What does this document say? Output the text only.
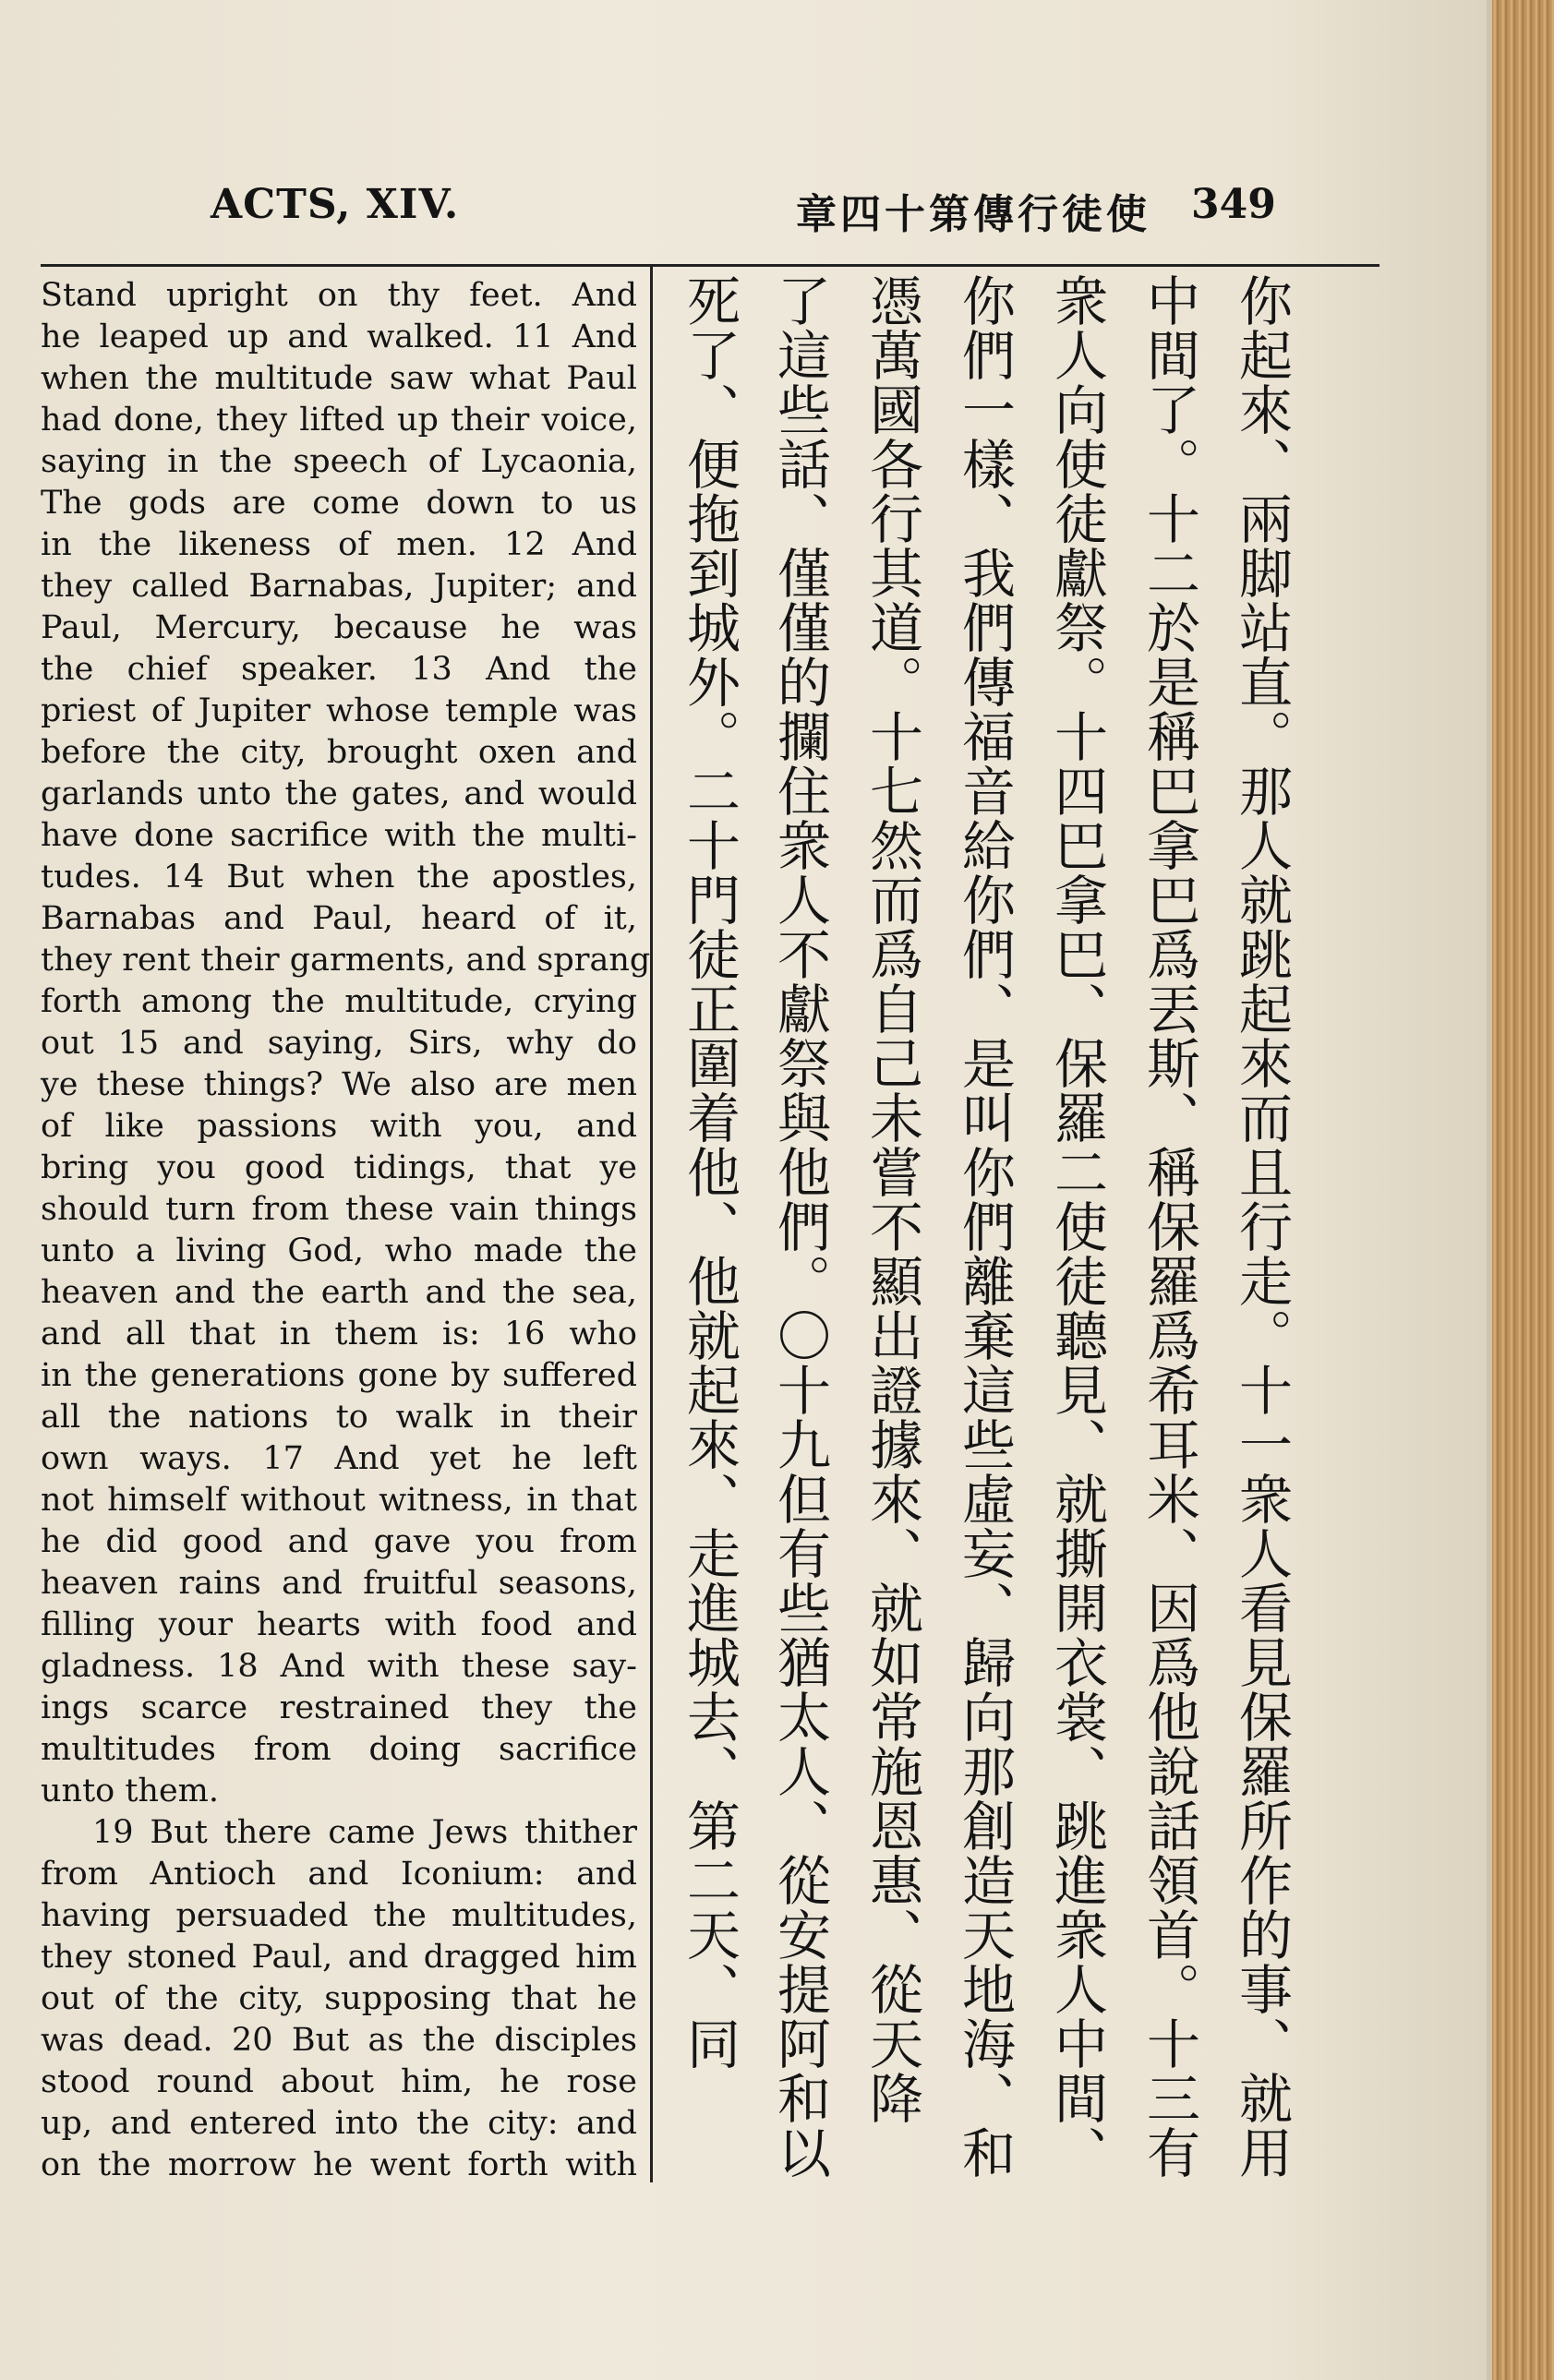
ACTS, XIV.	章四十第傳行徒使 349
Stand upright on thy feet. And
he leaped up and walked. 11 And
when the multitude saw what Paul
had done, they lifted up their voice,
saying in the speech of Lycaonia,
The gods are come down to us
in the likeness of men. 12 And
they called Barnabas, Jupiter; and
Paul, Mercury, because he was
the chief speaker. 13 And the
priest of Jupiter whose temple was
before the city, brought oxen and
garlands unto the gates, and would
have done sacrifice with the multi-
tudes. 14 But when the apostles,
Barnabas and Paul, heard of it,
they rent their garments, and sprang
forth among the multitude, crying
out 15 and saying, Sirs, why do
ye these things? We also are men
of like passions with you, and
bring you good tidings, that ye
should turn from these vain things
unto a living God, who made the
heaven and the earth and the sea,
and all that in them is: 16 who
in the generations gone by suffered
all the nations to walk in their
own ways. 17 And yet he left
not himself without witness, in that
he did good and gave you from
heaven rains and fruitful seasons,
filling your hearts with food and
gladness. 18 And with these say-
ings scarce restrained they the
multitudes from doing sacrifice
unto them.
19 But there came Jews thither
from Antioch and Iconium: and
having persuaded the multitudes,
they stoned Paul, and dragged him
out of the city, supposing that he
was dead. 20 But as the disciples
stood round about him, he rose
up, and entered into the city: and
on the morrow he went forth with
你起來、兩脚站直。那人就跳起來而且行走。十一衆人看見保羅所作的事、就用
中間了。十二於是稱巴拿巴爲丟斯、稱保羅爲希耳米、因爲他說話領首。十三有
衆人向使徒獻祭。十四巴拿巴、保羅二使徒聽見、就撕開衣裳、跳進衆人中間、
你們一樣、我們傳福音給你們、是叫你們離棄這些虛妄、歸向那創造天地海、和
憑萬國各行其道。十七然而爲自己未嘗不顯出證據來、就如常施恩惠、從天降
了這些話、僅僅的攔住衆人不獻祭與他們。〇十九但有些猶太人、從安提阿和以
死了、便拖到城外。二十門徒正圍着他、他就起來、走進城去、第二天、同
